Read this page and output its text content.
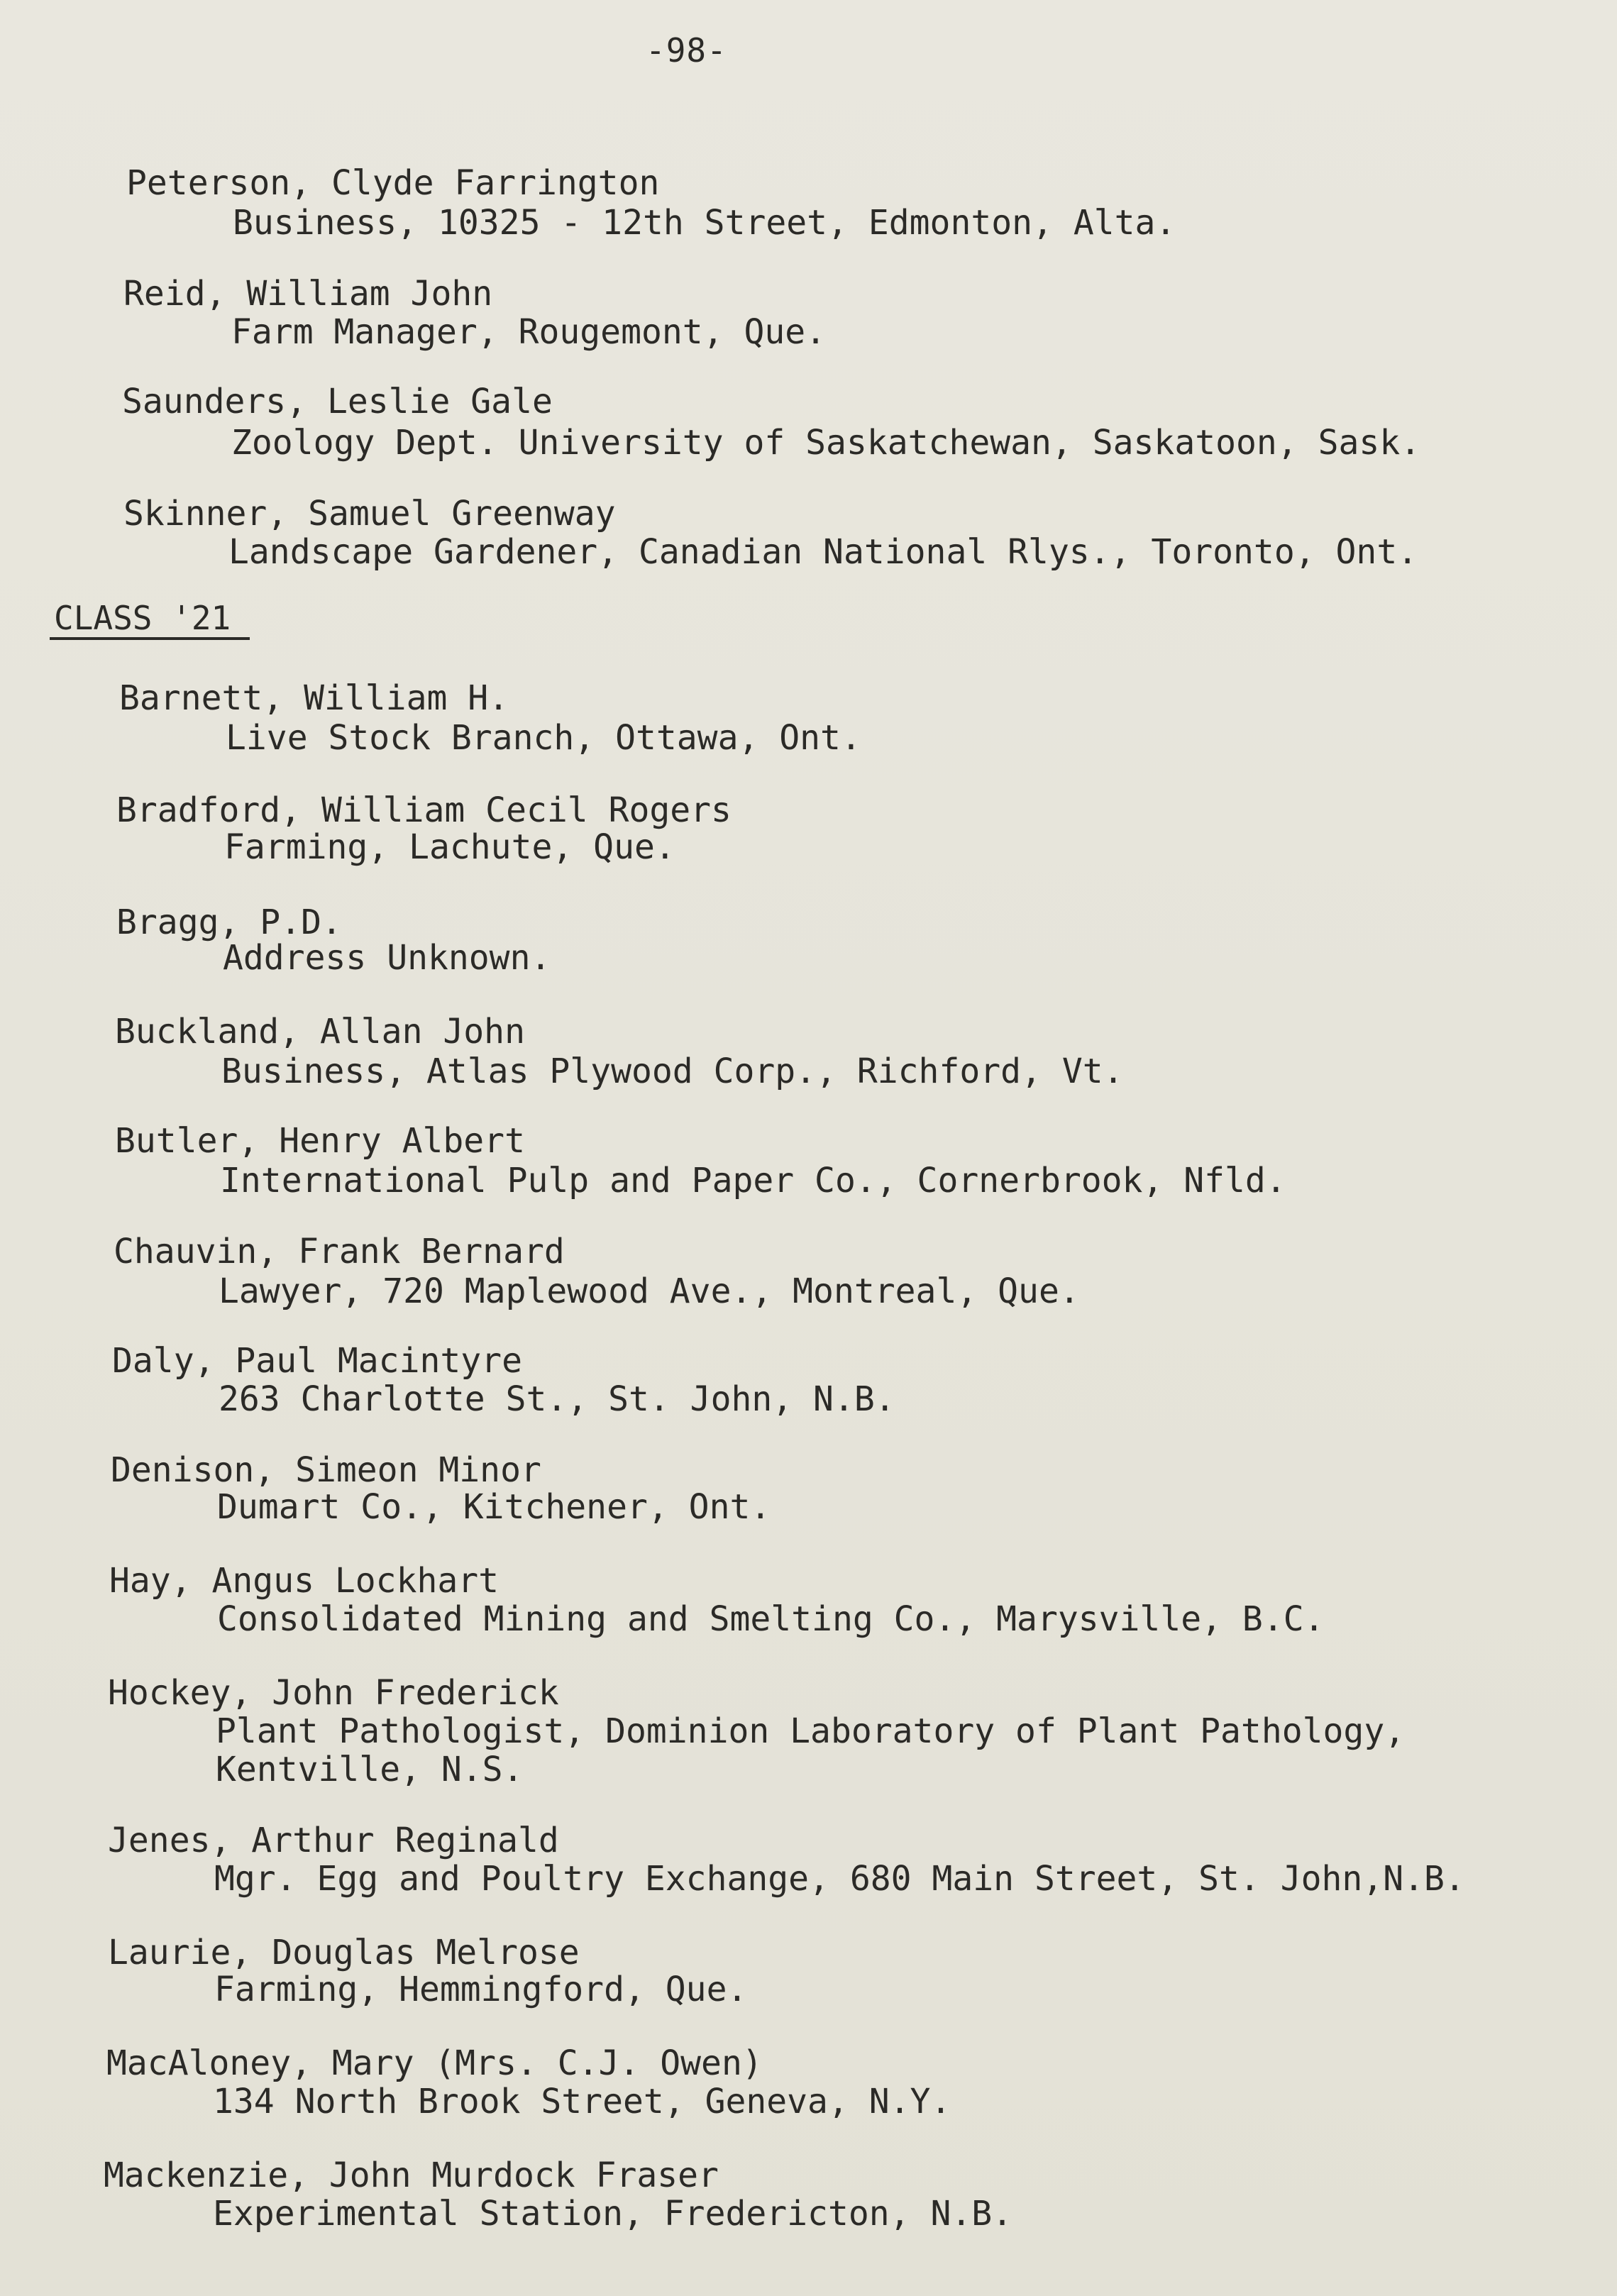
-98-
Peterson, Clyde Farrington
Business, 10325 - 12th Street, Edmonton, Alta.
Reid, William John
Farm Manager, Rougemont, Que.
Saunders, Leslie Gale
Zoology Dept. University of Saskatchewan, Saskatoon, Sask.
Skinner, Samuel Greenway
Landscape Gardener, Canadian National Rlys., Toronto, Ont.
CLASS '21
Barnett, William H.
Live Stock Branch, Ottawa, Ont.
Bradford, William Cecil Rogers
Farming, Lachute, Que.
Bragg, P.D.
Address Unknown.
Buckland, Allan John
Business, Atlas Plywood Corp., Richford, Vt.
Butler, Henry Albert
International Pulp and Paper Co., Cornerbrook, Nfld.
Chauvin, Frank Bernard
Lawyer, 720 Maplewood Ave., Montreal, Que.
Daly, Paul Macintyre
263 Charlotte St., St. John, N.B.
Denison, Simeon Minor
Dumart Co., Kitchener, Ont.
Hay, Angus Lockhart
Consolidated Mining and Smelting Co., Marysville, B.C.
Hockey, John Frederick
Plant Pathologist, Dominion Laboratory of Plant Pathology,
Kentville, N.S.
Jenes, Arthur Reginald
Mgr. Egg and Poultry Exchange, 680 Main Street, St. John,N.B.
Laurie, Douglas Melrose
Farming, Hemmingford, Que.
MacAloney, Mary (Mrs. C.J. Owen)
134 North Brook Street, Geneva, N.Y.
Mackenzie, John Murdock Fraser
Experimental Station, Fredericton, N.B.
